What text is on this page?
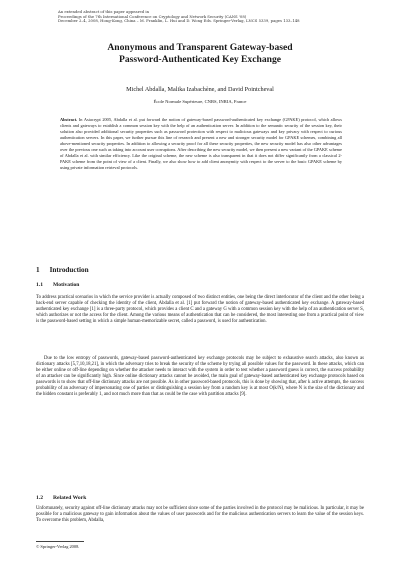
An extended abstract of this paper appeared in
Proceedings of the 7th International Conference on Cryptology and Network Security (CANS '08)
December 2–4, 2008, Hong-Kong, China – M. Franklin, L. Hui and D. Wong Eds. Springer-Verlag, LNCS 5339, pages 133–148
Anonymous and Transparent Gateway-based
Password-Authenticated Key Exchange
Michel Abdalla, Malika Izabachène, and David Pointcheval
École Normale Supérieure, CNRS, INRIA, France
Abstract. In Asiacrypt 2005, Abdalla et al. put forward the notion of gateway-based password-authenticated key exchange (GPAKE) protocol, which allows clients and gateways to establish a common session key with the help of an authentication server. In addition to the semantic security of the session key, their solution also provided additional security properties such as password protection with respect to malicious gateways and key privacy with respect to curious authentication servers. In this paper, we further pursue this line of research and present a new and stronger security model for GPAKE schemes, combining all above-mentioned security properties. In addition to allowing a security proof for all these security properties, the new security model has also other advantages over the previous one such as taking into account user corruptions. After describing the new security model, we then present a new variant of the GPAKE scheme of Abdalla et al. with similar efficiency. Like the original scheme, the new scheme is also transparent in that it does not differ significantly from a classical 2-PAKE scheme from the point of view of a client. Finally, we also show how to add client anonymity with respect to the server to the basic GPAKE scheme by using private information retrieval protocols.
1 Introduction
1.1 Motivation
To address practical scenarios in which the service provider is actually composed of two distinct entities, one being the direct interlocutor of the client and the other being a back-end server capable of checking the identity of the client, Abdalla et al. [1] put forward the notion of gateway-based authenticated key exchange. A gateway-based authenticated key exchange [1] is a three-party protocol, which provides a client C and a gateway G with a common session key with the help of an authentication server S, which authorizes or not the access for the client. Among the various means of authentication that can be considered, the most interesting one from a practical point of view is the password-based setting in which a simple human-memorizable secret, called a password, is used for authentication.
Due to the low entropy of passwords, gateway-based password-authenticated key exchange protocols may be subject to exhaustive search attacks, also known as dictionary attacks [5,7,10,18,21], in which the adversary tries to break the security of the scheme by trying all possible values for the password. In these attacks, which can be either online or off-line depending on whether the attacker needs to interact with the system in order to test whether a password guess is correct, the success probability of an attacker can be significantly high. Since online dictionary attacks cannot be avoided, the main goal of gateway-based authenticated key exchange protocols based on passwords is to show that off-line dictionary attacks are not possible. As in other password-based protocols, this is done by showing that, after k active attempts, the success probability of an adversary of impersonating one of parties or distinguishing a session key from a random key is at most O(k/N), where N is the size of the dictionary and the hidden constant is preferably 1, and not much more than that as could be the case with partition attacks [9].
1.2 Related Work
Unfortunately, security against off-line dictionary attacks may not be sufficient since some of the parties involved in the protocol may be malicious. In particular, it may be possible for a malicious gateway to gain information about the values of user passwords and for the malicious authentication servers to learn the value of the session keys. To overcome this problem, Abdalla,
© Springer-Verlag 2008.
